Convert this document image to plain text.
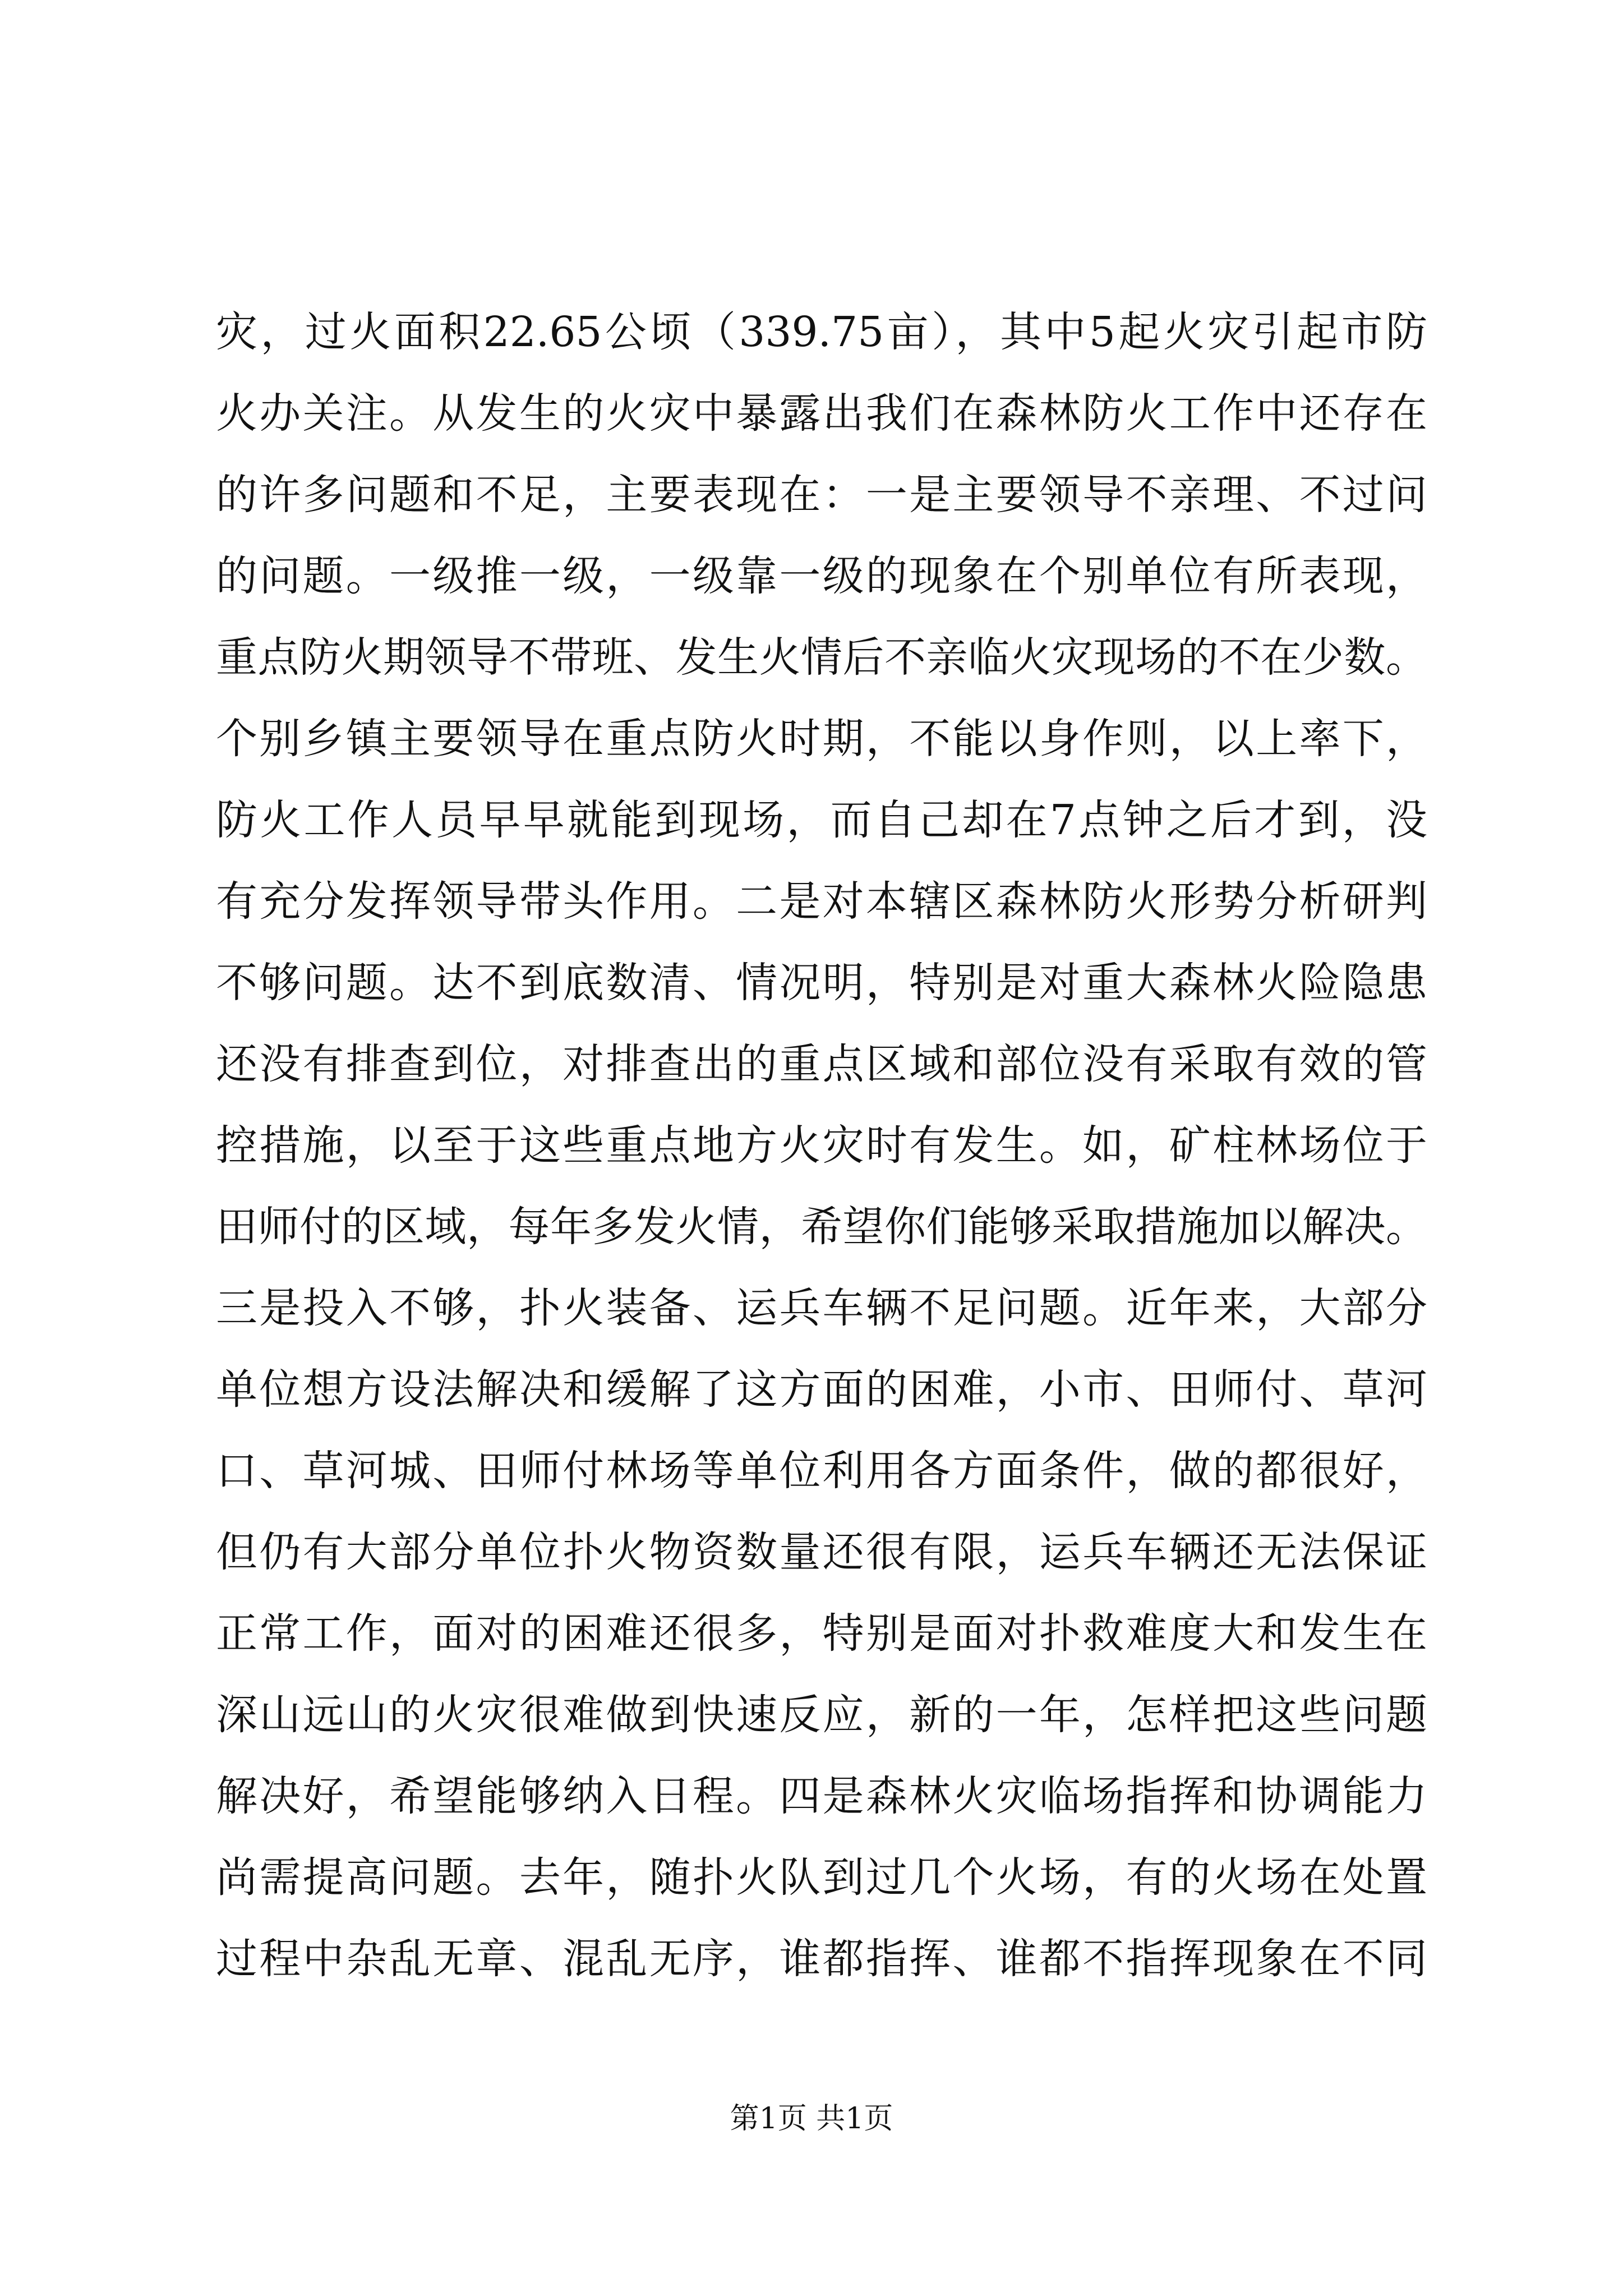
灾，过火面积22.65公顷（339.75亩），其中5起火灾引起市防
火办关注。从发生的火灾中暴露出我们在森林防火工作中还存在
的许多问题和不足，主要表现在：一是主要领导不亲理、不过问
的问题。一级推一级，一级靠一级的现象在个别单位有所表现，
重点防火期领导不带班、发生火情后不亲临火灾现场的不在少数。
个别乡镇主要领导在重点防火时期，不能以身作则，以上率下，
防火工作人员早早就能到现场，而自己却在7点钟之后才到，没
有充分发挥领导带头作用。二是对本辖区森林防火形势分析研判
不够问题。达不到底数清、情况明，特别是对重大森林火险隐患
还没有排查到位，对排查出的重点区域和部位没有采取有效的管
控措施，以至于这些重点地方火灾时有发生。如，矿柱林场位于
田师付的区域，每年多发火情，希望你们能够采取措施加以解决。
三是投入不够，扑火装备、运兵车辆不足问题。近年来，大部分
单位想方设法解决和缓解了这方面的困难，小市、田师付、草河
口、草河城、田师付林场等单位利用各方面条件，做的都很好，
但仍有大部分单位扑火物资数量还很有限，运兵车辆还无法保证
正常工作，面对的困难还很多，特别是面对扑救难度大和发生在
深山远山的火灾很难做到快速反应，新的一年，怎样把这些问题
解决好，希望能够纳入日程。四是森林火灾临场指挥和协调能力
尚需提高问题。去年，随扑火队到过几个火场，有的火场在处置
过程中杂乱无章、混乱无序，谁都指挥、谁都不指挥现象在不同
第1页 共1页
